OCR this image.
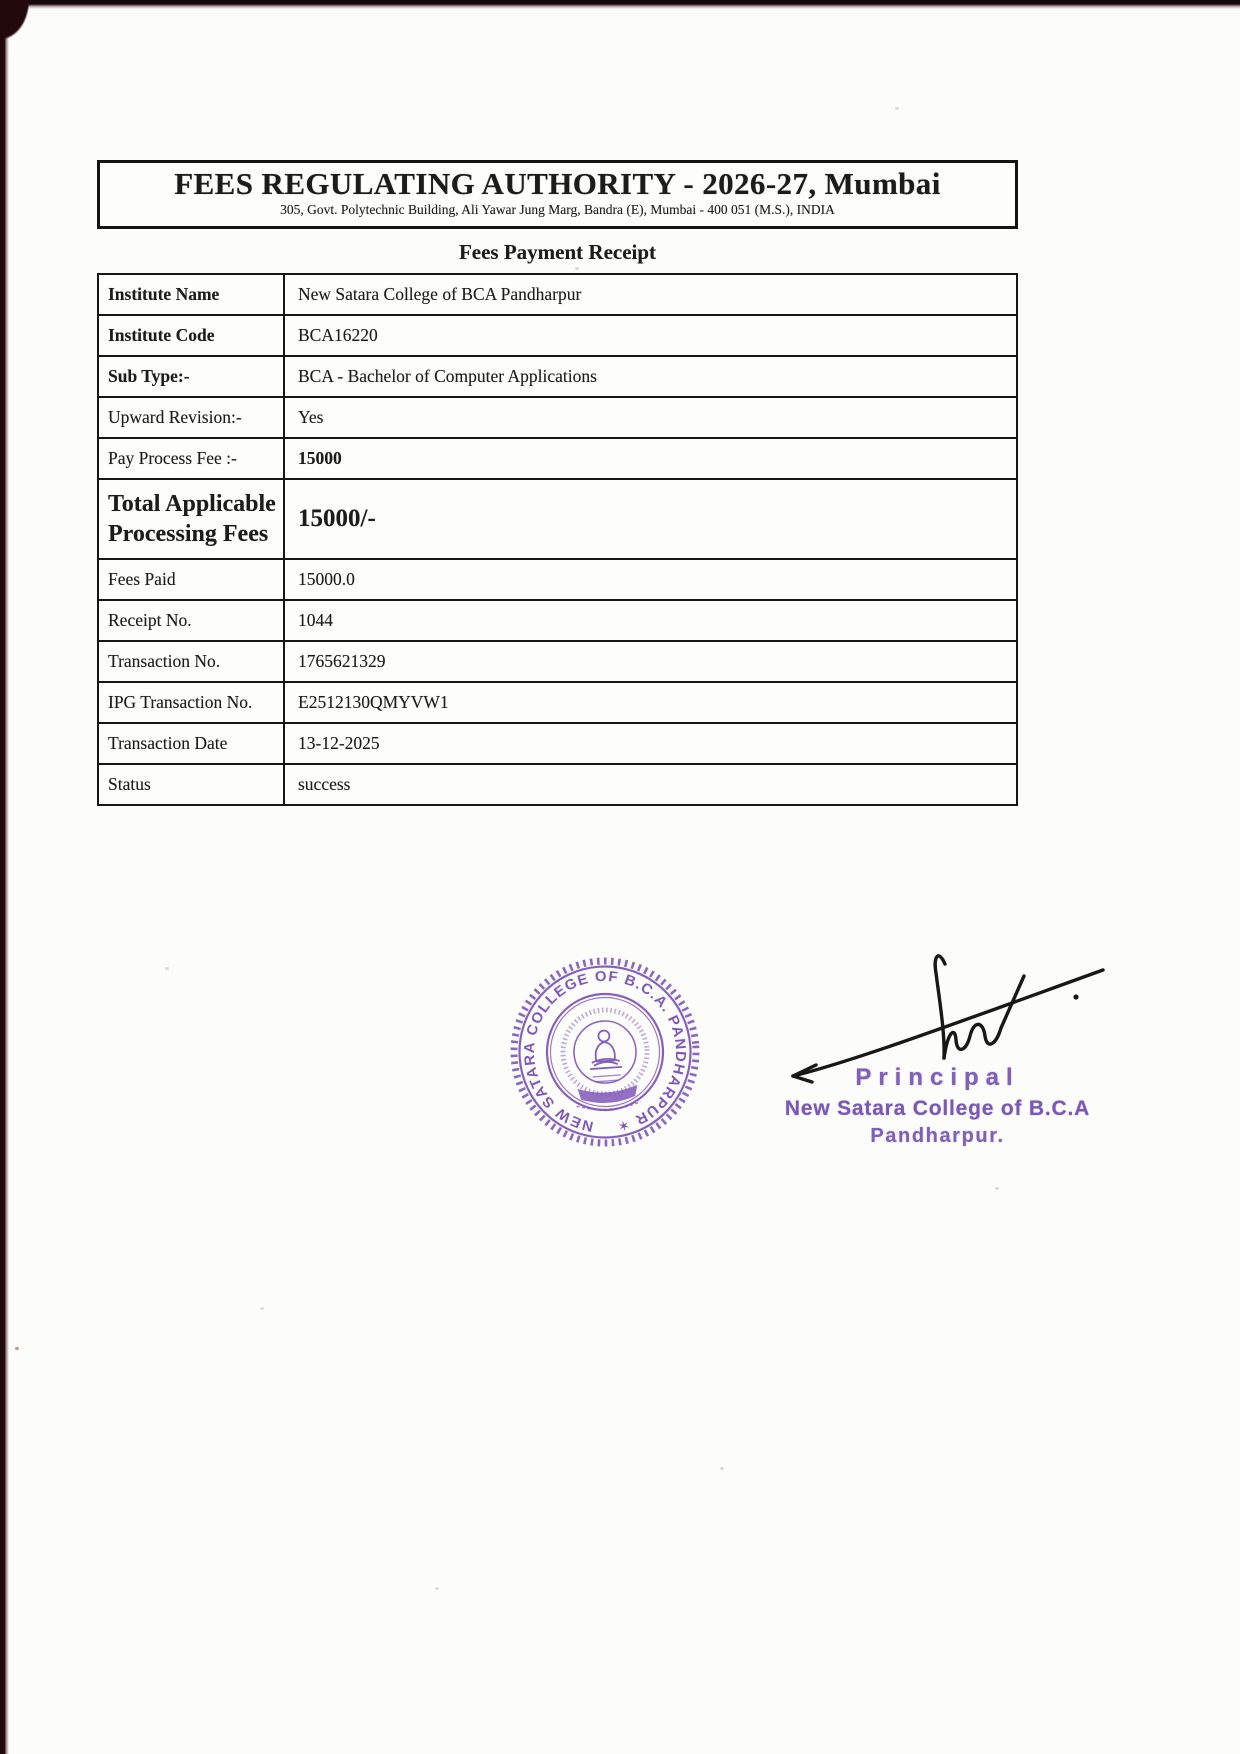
FEES REGULATING AUTHORITY - 2026-27, Mumbai
305, Govt. Polytechnic Building, Ali Yawar Jung Marg, Bandra (E), Mumbai - 400 051 (M.S.), INDIA
Fees Payment Receipt
Institute Name	New Satara College of BCA Pandharpur
Institute Code	BCA16220
Sub Type:-	BCA - Bachelor of Computer Applications
Upward Revision:-	Yes
Pay Process Fee :-	15000
Total Applicable Processing Fees	15000/-
Fees Paid	15000.0
Receipt No.	1044
Transaction No.	1765621329
IPG Transaction No.	E2512130QMYVW1
Transaction Date	13-12-2025
Status	success
NEW SATARA COLLEGE OF B.C.A. PANDHARPUR ✶
Principal
New Satara College of B.C.A
Pandharpur.
